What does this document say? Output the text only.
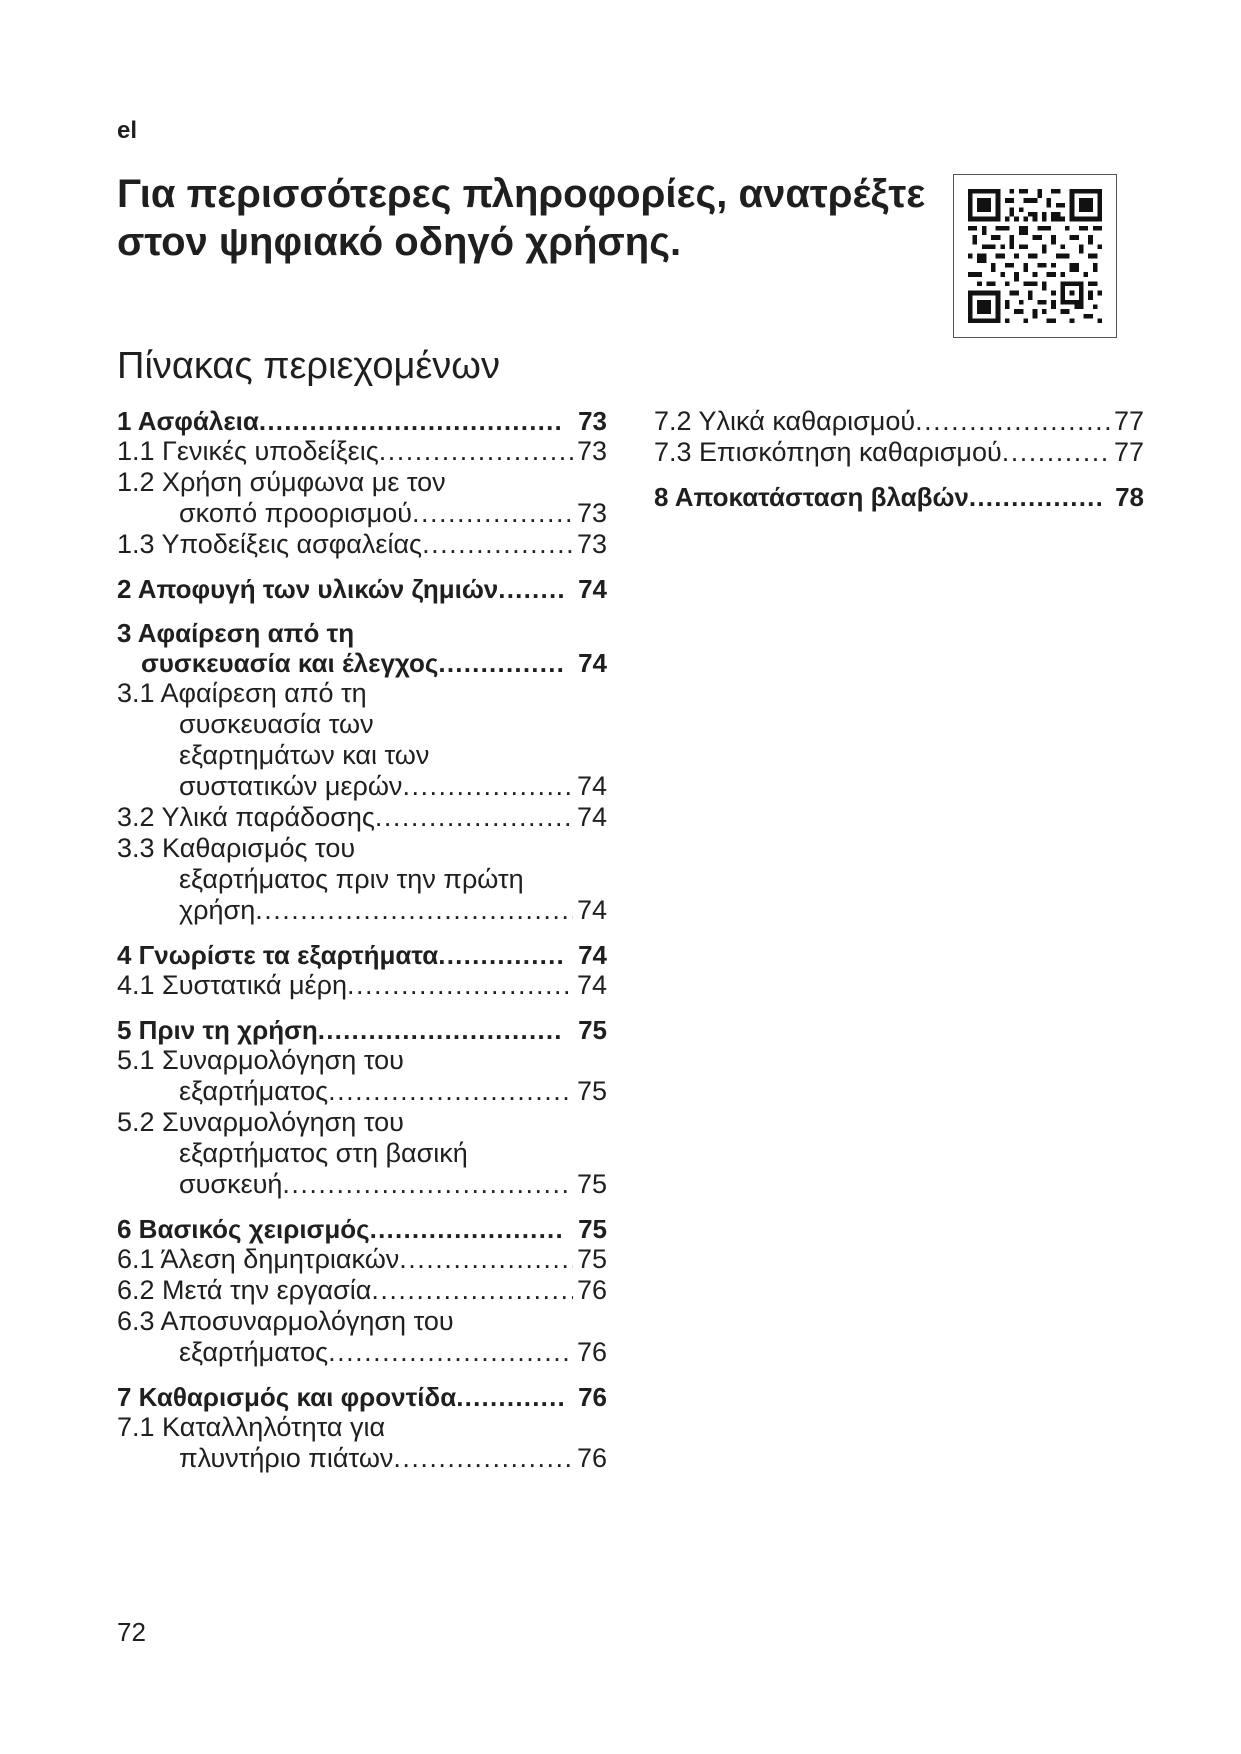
el
Για περισσότερες πληροφορίες, ανατρέξτε στον ψηφιακό οδηγό χρήσης.
Πίνακας περιεχομένων
1 Ασφάλεια . . .	73
1.1 Γενικές υποδείξεις . . .	73
1.2 Χρήση σύμφωνα με τον
σκοπό προορισμού . . .	73
1.3 Υποδείξεις ασφαλείας . . .	73
2 Αποφυγή των υλικών ζημιών . . .	74
3 Αφαίρεση από τη
συσκευασία και έλεγχος . . .	74
3.1 Αφαίρεση από τη
συσκευασία των
εξαρτημάτων και των
συστατικών μερών . . .	74
3.2 Υλικά παράδοσης . . .	74
3.3 Καθαρισμός του
εξαρτήματος πριν την πρώτη
χρήση . . .	74
4 Γνωρίστε τα εξαρτήματα . . .	74
4.1 Συστατικά μέρη . . .	74
5 Πριν τη χρήση . . .	75
5.1 Συναρμολόγηση του
εξαρτήματος . . .	75
5.2 Συναρμολόγηση του
εξαρτήματος στη βασική
συσκευή . . .	75
6 Βασικός χειρισμός . . .	75
6.1 Άλεση δημητριακών . . .	75
6.2 Μετά την εργασία . . .	76
6.3 Αποσυναρμολόγηση του
εξαρτήματος . . .	76
7 Καθαρισμός και φροντίδα . . .	76
7.1 Καταλληλότητα για
πλυντήριο πιάτων . . .	76
7.2 Υλικά καθαρισμού . . .	77
7.3 Επισκόπηση καθαρισμού . . .	77
8 Αποκατάσταση βλαβών . . .	78
72
